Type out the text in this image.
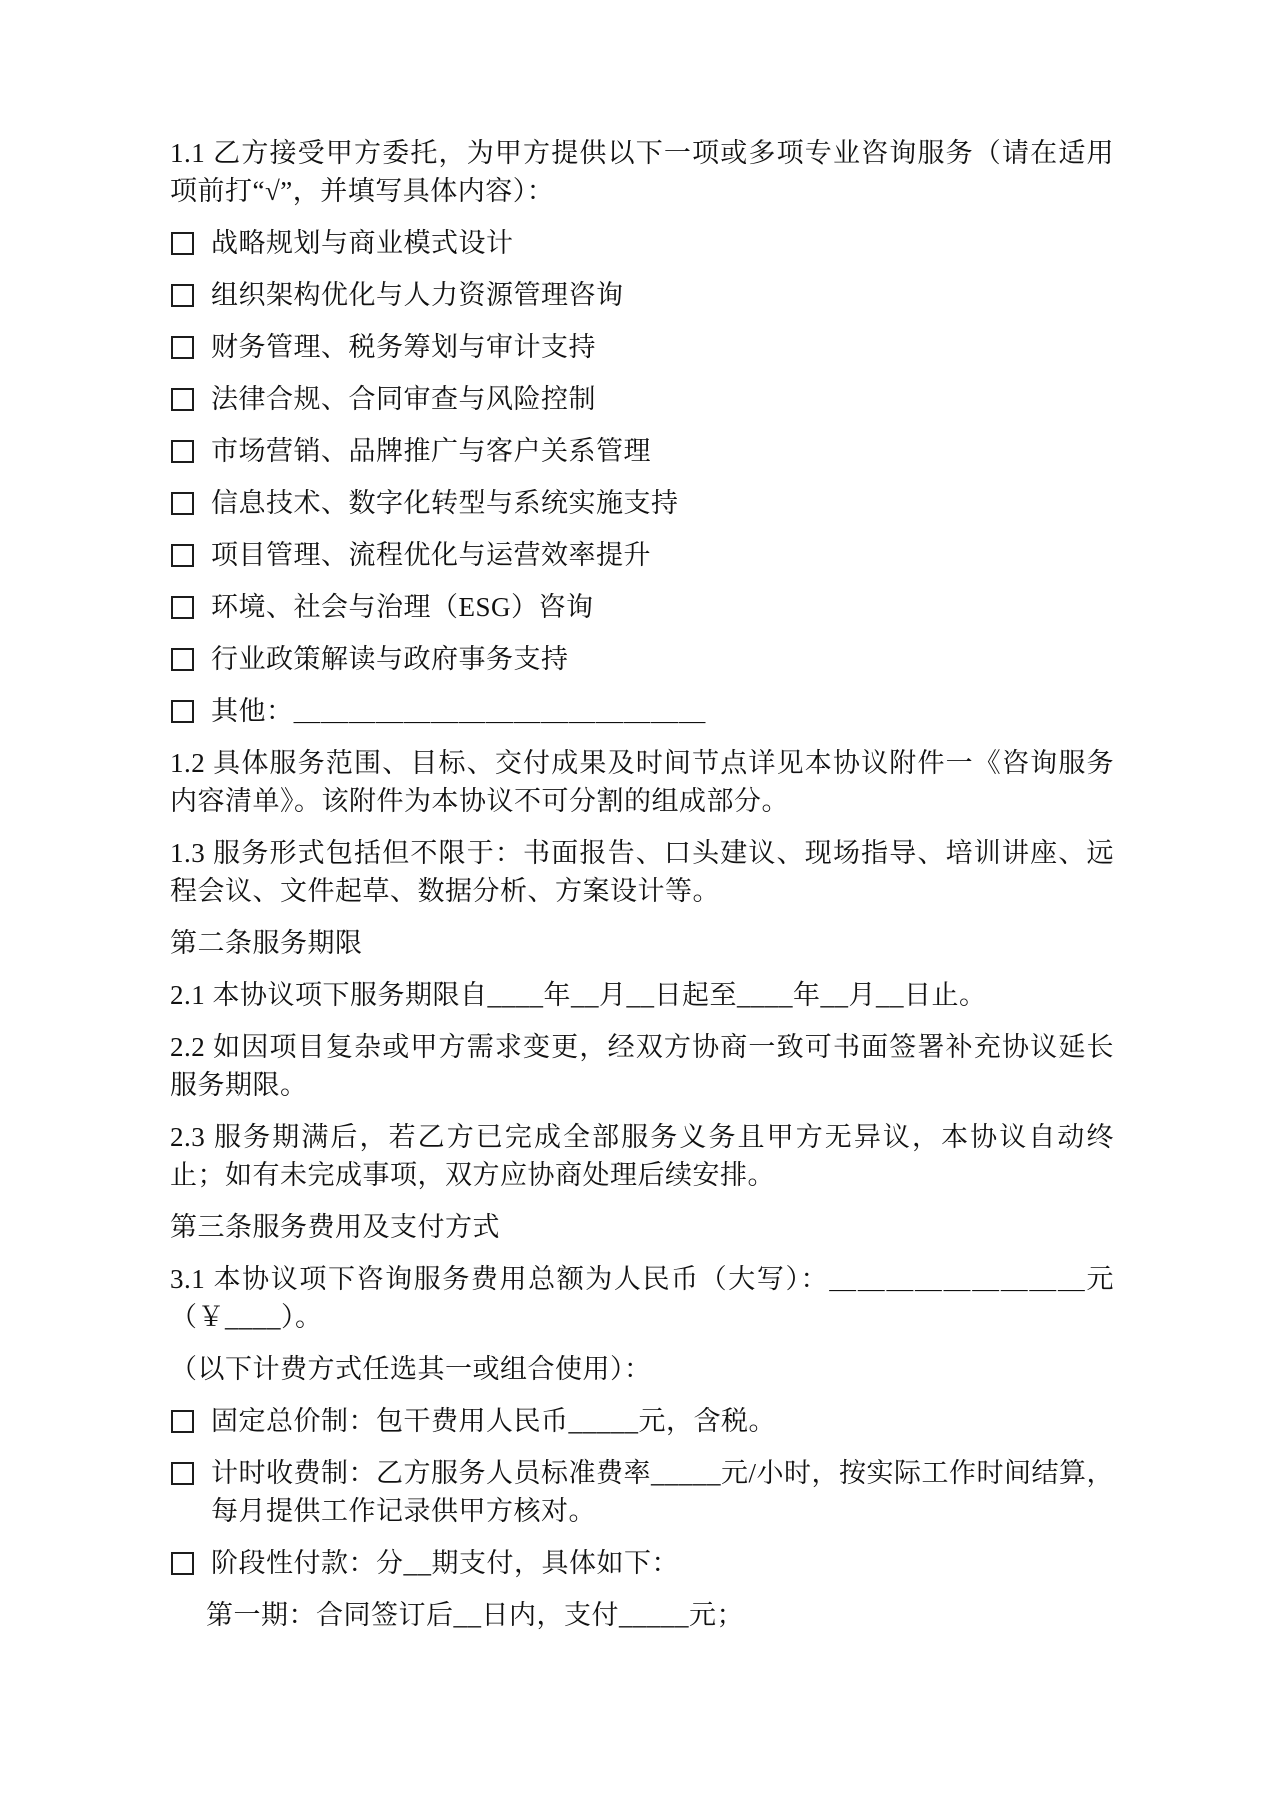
1.1 乙方接受甲方委托，为甲方提供以下一项或多项专业咨询服务（请在适用项前打“√”，并填写具体内容）：

战略规划与商业模式设计
组织架构优化与人力资源管理咨询
财务管理、税务筹划与审计支持
法律合规、合同审查与风险控制
市场营销、品牌推广与客户关系管理
信息技术、数字化转型与系统实施支持
项目管理、流程优化与运营效率提升
环境、社会与治理（ESG）咨询
行业政策解读与政府事务支持
其他：＿＿＿＿＿＿＿＿＿＿＿＿＿＿＿

1.2 具体服务范围、目标、交付成果及时间节点详见本协议附件一《咨询服务内容清单》。该附件为本协议不可分割的组成部分。

1.3 服务形式包括但不限于：书面报告、口头建议、现场指导、培训讲座、远程会议、文件起草、数据分析、方案设计等。

第二条服务期限

2.1 本协议项下服务期限自____年__月__日起至____年__月__日止。

2.2 如因项目复杂或甲方需求变更，经双方协商一致可书面签署补充协议延长服务期限。

2.3 服务期满后，若乙方已完成全部服务义务且甲方无异议，本协议自动终止；如有未完成事项，双方应协商处理后续安排。

第三条服务费用及支付方式

3.1 本协议项下咨询服务费用总额为人民币（大写）：＿＿＿＿＿＿＿＿＿元（￥____）。

（以下计费方式任选其一或组合使用）：

固定总价制：包干费用人民币_____元，含税。
计时收费制：乙方服务人员标准费率_____元/小时，按实际工作时间结算，每月提供工作记录供甲方核对。
阶段性付款：分__期支付，具体如下：

第一期：合同签订后__日内，支付_____元；
